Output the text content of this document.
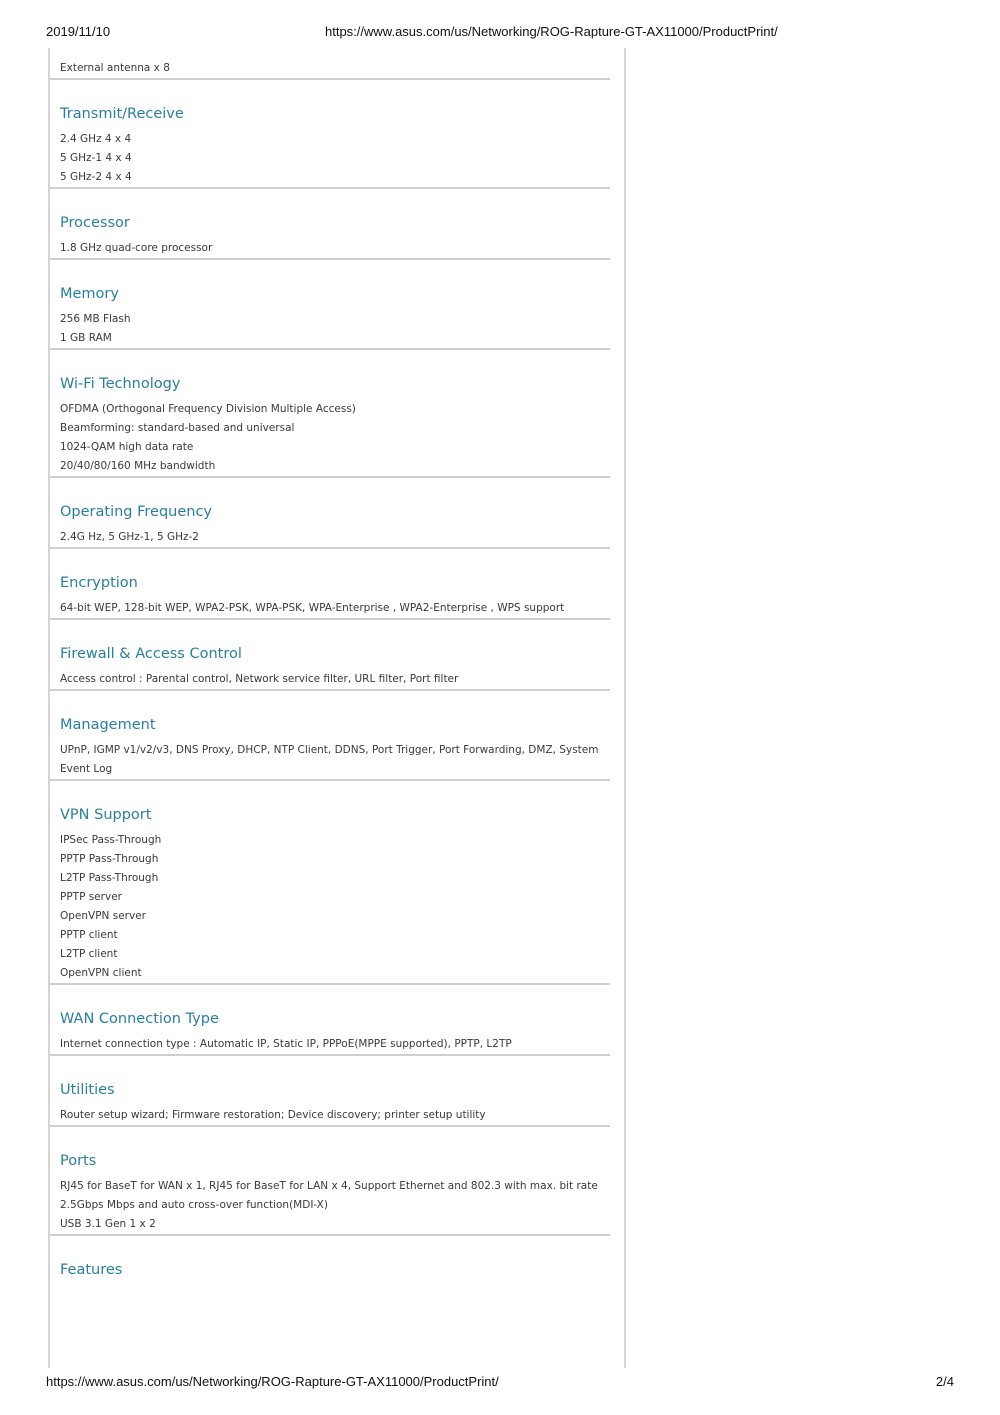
2019/11/10	https://www.asus.com/us/Networking/ROG-Rapture-GT-AX11000/ProductPrint/
External antenna x 8
Transmit/Receive
2.4 GHz 4 x 4
5 GHz-1 4 x 4
5 GHz-2 4 x 4
Processor
1.8 GHz quad-core processor
Memory
256 MB Flash
1 GB RAM
Wi-Fi Technology
OFDMA (Orthogonal Frequency Division Multiple Access)
Beamforming: standard-based and universal
1024-QAM high data rate
20/40/80/160 MHz bandwidth
Operating Frequency
2.4G Hz, 5 GHz-1, 5 GHz-2
Encryption
64-bit WEP, 128-bit WEP, WPA2-PSK, WPA-PSK, WPA-Enterprise , WPA2-Enterprise , WPS support
Firewall & Access Control
Access control : Parental control, Network service filter, URL filter, Port filter
Management
UPnP, IGMP v1/v2/v3, DNS Proxy, DHCP, NTP Client, DDNS, Port Trigger, Port Forwarding, DMZ, System
Event Log
VPN Support
IPSec Pass-Through
PPTP Pass-Through
L2TP Pass-Through
PPTP server
OpenVPN server
PPTP client
L2TP client
OpenVPN client
WAN Connection Type
Internet connection type : Automatic IP, Static IP, PPPoE(MPPE supported), PPTP, L2TP
Utilities
Router setup wizard; Firmware restoration; Device discovery; printer setup utility
Ports
RJ45 for BaseT for WAN x 1, RJ45 for BaseT for LAN x 4, Support Ethernet and 802.3 with max. bit rate
2.5Gbps Mbps and auto cross-over function(MDI-X)
USB 3.1 Gen 1 x 2
Features
https://www.asus.com/us/Networking/ROG-Rapture-GT-AX11000/ProductPrint/	2/4
